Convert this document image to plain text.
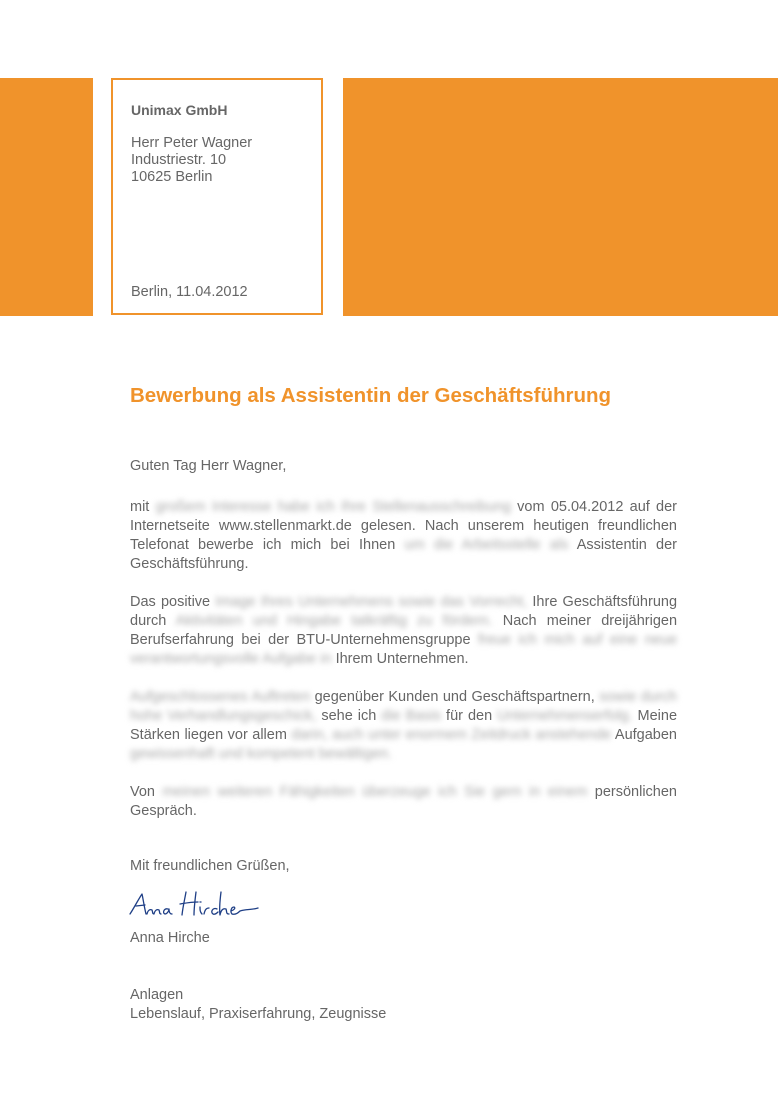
Unimax GmbH
Herr Peter Wagner
Industriestr. 10
10625 Berlin
Berlin, 11.04.2012
Bewerbung als Assistentin der Geschäftsführung

Guten Tag Herr Wagner,

mit großem Interesse habe ich Ihre Stellenausschreibung vom 05.04.2012 auf der Internetseite www.stellenmarkt.de gelesen. Nach unserem heutigen freundlichen Telefonat bewerbe ich mich bei Ihnen um die Arbeitsstelle als Assistentin der Geschäftsführung.

Das positive Image Ihres Unternehmens sowie das Vorrecht, Ihre Geschäftsführung durch Aktivitäten und Hingabe tatkräftig zu fördern. Nach meiner dreijährigen Berufserfahrung bei der BTU-Unternehmensgruppe freue ich mich auf eine neue verantwortungsvolle Aufgabe in Ihrem Unternehmen.

Aufgeschlossenes Auftreten gegenüber Kunden und Geschäftspartnern, sowie durch hohe Verhandlungsgeschick, sehe ich die Basis für den Unternehmenserfolg. Meine Stärken liegen vor allem darin, auch unter enormem Zeitdruck anstehende Aufgaben gewissenhaft und kompetent bewältigen.

Von meinen weiteren Fähigkeiten überzeuge ich Sie gern in einem persönlichen Gespräch.

Mit freundlichen Grüßen,
Anna Hirche
Anlagen
Lebenslauf, Praxiserfahrung, Zeugnisse
